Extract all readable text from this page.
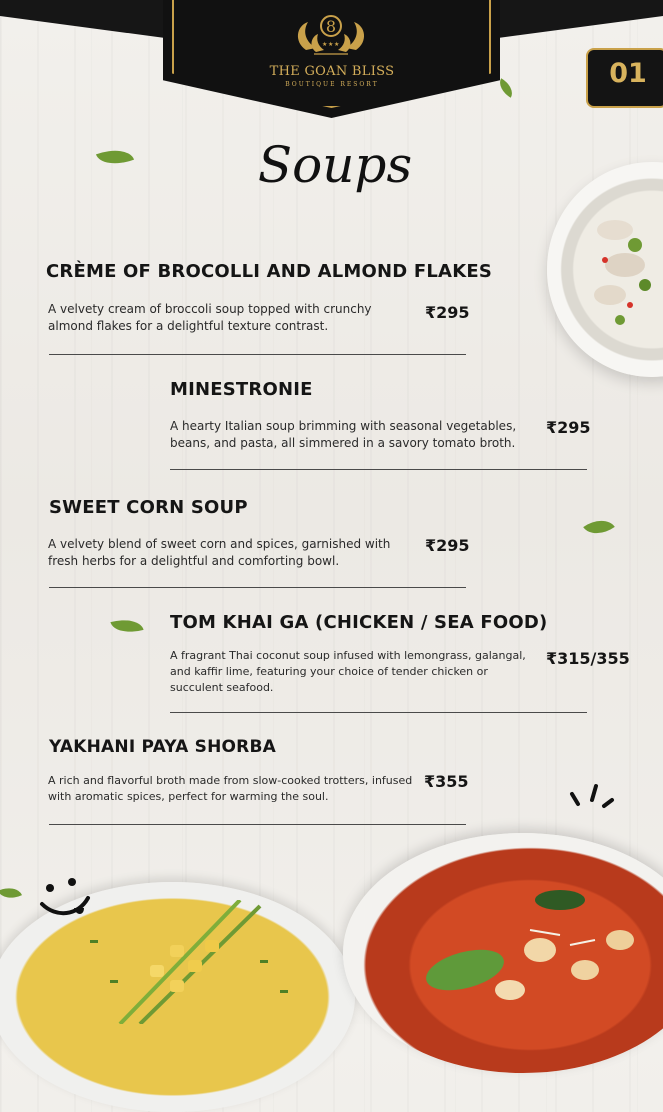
8
★ ★ ★
THE GOAN BLISS
BOUTIQUE RESORT	01
Soups
CRÈME OF BROCOLLI AND ALMOND FLAKES
A velvety cream of broccoli soup topped with crunchy
almond flakes for a delightful texture contrast.
₹295
MINESTRONIE
A hearty Italian soup brimming with seasonal vegetables,
beans, and pasta, all simmered in a savory tomato broth.
₹295
SWEET CORN SOUP
A velvety blend of sweet corn and spices, garnished with
fresh herbs for a delightful and comforting bowl.
₹295
TOM KHAI GA (CHICKEN / SEA FOOD)
A fragrant Thai coconut soup infused with lemongrass, galangal,
and kaffir lime, featuring your choice of tender chicken or
succulent seafood.
₹315/355
YAKHANI PAYA SHORBA
A rich and flavorful broth made from slow-cooked trotters, infused
with aromatic spices, perfect for warming the soul.
₹355
